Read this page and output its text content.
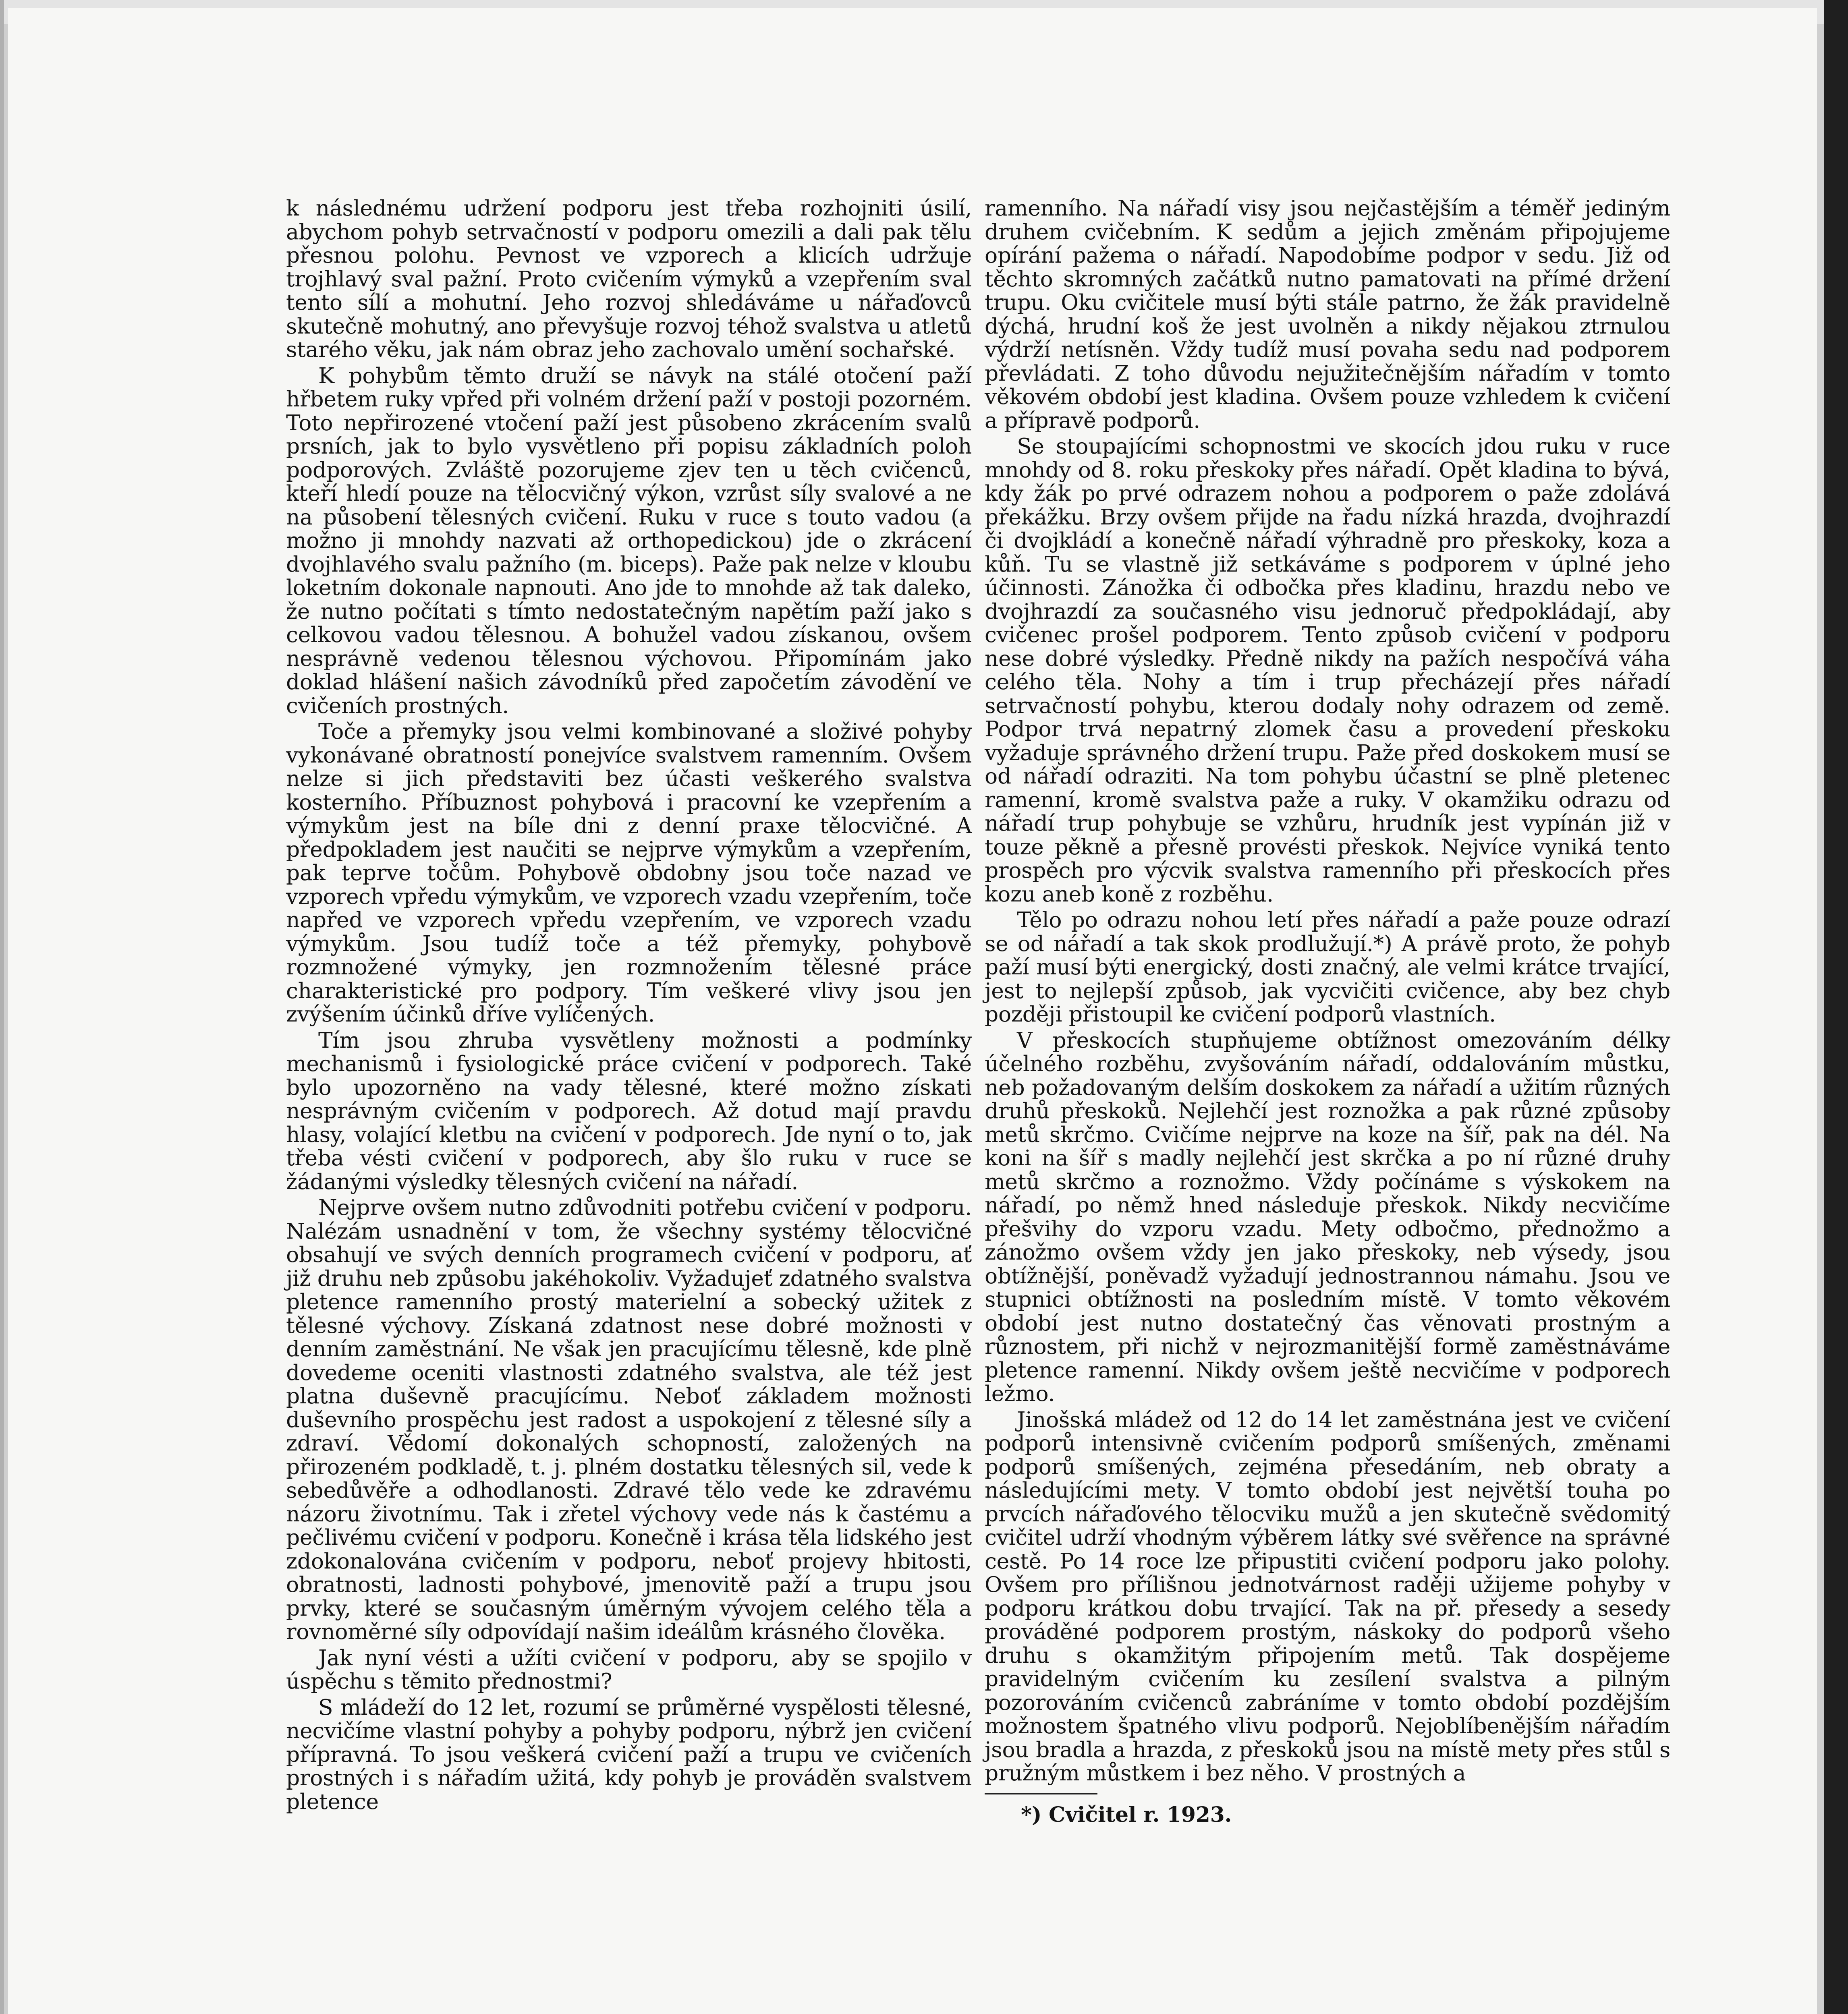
k následnému udržení podporu jest třeba rozhojniti úsilí, abychom pohyb setrvačností v podporu omezili a dali pak tělu přesnou polohu. Pevnost ve vzporech a klicích udržuje trojhlavý sval pažní. Proto cvičením výmyků a vzepřením sval tento sílí a mohutní. Jeho rozvoj shledáváme u nářaďovců skutečně mohutný, ano převyšuje rozvoj téhož svalstva u atletů starého věku, jak nám obraz jeho zachovalo umění sochařské.

K pohybům těmto druží se návyk na stálé otočení paží hřbetem ruky vpřed při volném držení paží v postoji pozorném. Toto nepřirozené vtočení paží jest působeno zkrácením svalů prsních, jak to bylo vysvětleno při popisu základních poloh podporových. Zvláště pozorujeme zjev ten u těch cvičenců, kteří hledí pouze na tělocvičný výkon, vzrůst síly svalové a ne na působení tělesných cvičení. Ruku v ruce s touto vadou (a možno ji mnohdy nazvati až orthopedickou) jde o zkrácení dvojhlavého svalu pažního (m. biceps). Paže pak nelze v kloubu loketním dokonale napnouti. Ano jde to mnohde až tak daleko, že nutno počítati s tímto nedostatečným napětím paží jako s celkovou vadou tělesnou. A bohužel vadou získanou, ovšem nesprávně vedenou tělesnou výchovou. Připomínám jako doklad hlášení našich závodníků před započetím závodění ve cvičeních prostných.

Toče a přemyky jsou velmi kombinované a složivé pohyby vykonávané obratností ponejvíce svalstvem ramenním. Ovšem nelze si jich představiti bez účasti veškerého svalstva kosterního. Příbuznost pohybová i pracovní ke vzepřením a výmykům jest na bíle dni z denní praxe tělocvičné. A předpokladem jest naučiti se nejprve výmykům a vzepřením, pak teprve točům. Pohybově obdobny jsou toče nazad ve vzporech vpředu výmykům, ve vzporech vzadu vzepřením, toče napřed ve vzporech vpředu vzepřením, ve vzporech vzadu výmykům. Jsou tudíž toče a též přemyky, pohybově rozmnožené výmyky, jen rozmnožením tělesné práce charakteristické pro podpory. Tím veškeré vlivy jsou jen zvýšením účinků dříve vylíčených.

Tím jsou zhruba vysvětleny možnosti a podmínky mechanismů i fysiologické práce cvičení v podporech. Také bylo upozorněno na vady tělesné, které možno získati nesprávným cvičením v podporech. Až dotud mají pravdu hlasy, volající kletbu na cvičení v podporech. Jde nyní o to, jak třeba vésti cvičení v podporech, aby šlo ruku v ruce se žádanými výsledky tělesných cvičení na nářadí.

Nejprve ovšem nutno zdůvodniti potřebu cvičení v podporu. Nalézám usnadnění v tom, že všechny systémy tělocvičné obsahují ve svých denních programech cvičení v podporu, ať již druhu neb způsobu jakéhokoliv. Vyžadujeť zdatného svalstva pletence ramenního prostý materielní a sobecký užitek z tělesné výchovy. Získaná zdatnost nese dobré možnosti v denním zaměstnání. Ne však jen pracujícímu tělesně, kde plně dovedeme oceniti vlastnosti zdatného svalstva, ale též jest platna duševně pracujícímu. Neboť základem možnosti duševního prospěchu jest radost a uspokojení z tělesné síly a zdraví. Vědomí dokonalých schopností, založených na přirozeném podkladě, t. j. plném dostatku tělesných sil, vede k sebedůvěře a odhodlanosti. Zdravé tělo vede ke zdravému názoru životnímu. Tak i zřetel výchovy vede nás k častému a pečlivému cvičení v podporu. Konečně i krása těla lidského jest zdokonalována cvičením v podporu, neboť projevy hbitosti, obratnosti, ladnosti pohybové, jmenovitě paží a trupu jsou prvky, které se současným úměrným vývojem celého těla a rovnoměrné síly odpovídají našim ideálům krásného člověka.

Jak nyní vésti a užíti cvičení v podporu, aby se spojilo v úspěchu s těmito přednostmi?

S mládeží do 12 let, rozumí se průměrné vyspělosti tělesné, necvičíme vlastní pohyby a pohyby podporu, nýbrž jen cvičení přípravná. To jsou veškerá cvičení paží a trupu ve cvičeních prostných i s nářadím užitá, kdy pohyb je prováděn svalstvem pletence

ramenního. Na nářadí visy jsou nejčastějším a téměř jediným druhem cvičebním. K sedům a jejich změnám připojujeme opírání pažema o nářadí. Napodobíme podpor v sedu. Již od těchto skromných začátků nutno pamatovati na přímé držení trupu. Oku cvičitele musí býti stále patrno, že žák pravidelně dýchá, hrudní koš že jest uvolněn a nikdy nějakou ztrnulou výdrží netísněn. Vždy tudíž musí povaha sedu nad podporem převládati. Z toho důvodu nejužitečnějším nářadím v tomto věkovém období jest kladina. Ovšem pouze vzhledem k cvičení a přípravě podporů.

Se stoupajícími schopnostmi ve skocích jdou ruku v ruce mnohdy od 8. roku přeskoky přes nářadí. Opět kladina to bývá, kdy žák po prvé odrazem nohou a podporem o paže zdolává překážku. Brzy ovšem přijde na řadu nízká hrazda, dvojhrazdí či dvojkládí a konečně nářadí výhradně pro přeskoky, koza a kůň. Tu se vlastně již setkáváme s podporem v úplné jeho účinnosti. Zánožka či odbočka přes kladinu, hrazdu nebo ve dvojhrazdí za současného visu jednoruč předpokládají, aby cvičenec prošel podporem. Tento způsob cvičení v podporu nese dobré výsledky. Předně nikdy na pažích nespočívá váha celého těla. Nohy a tím i trup přecházejí přes nářadí setrvačností pohybu, kterou dodaly nohy odrazem od země. Podpor trvá nepatrný zlomek času a provedení přeskoku vyžaduje správného držení trupu. Paže před doskokem musí se od nářadí odraziti. Na tom pohybu účastní se plně pletenec ramenní, kromě svalstva paže a ruky. V okamžiku odrazu od nářadí trup pohybuje se vzhůru, hrudník jest vypínán již v touze pěkně a přesně provésti přeskok. Nejvíce vyniká tento prospěch pro výcvik svalstva ramenního při přeskocích přes kozu aneb koně z rozběhu.

Tělo po odrazu nohou letí přes nářadí a paže pouze odrazí se od nářadí a tak skok prodlužují.*) A právě proto, že pohyb paží musí býti energický, dosti značný, ale velmi krátce trvající, jest to nejlepší způsob, jak vycvičiti cvičence, aby bez chyb později přistoupil ke cvičení podporů vlastních.

V přeskocích stupňujeme obtížnost omezováním délky účelného rozběhu, zvyšováním nářadí, oddalováním můstku, neb požadovaným delším doskokem za nářadí a užitím různých druhů přeskoků. Nejlehčí jest roznožka a pak různé způsoby metů skrčmo. Cvičíme nejprve na koze na šíř, pak na dél. Na koni na šíř s madly nejlehčí jest skrčka a po ní různé druhy metů skrčmo a roznožmo. Vždy počínáme s výskokem na nářadí, po němž hned následuje přeskok. Nikdy necvičíme přešvihy do vzporu vzadu. Mety odbočmo, přednožmo a zánožmo ovšem vždy jen jako přeskoky, neb výsedy, jsou obtížnější, poněvadž vyžadují jednostrannou námahu. Jsou ve stupnici obtížnosti na posledním místě. V tomto věkovém období jest nutno dostatečný čas věnovati prostným a různostem, při nichž v nejrozmanitější formě zaměstnáváme pletence ramenní. Nikdy ovšem ještě necvičíme v podporech ležmo.

Jinošská mládež od 12 do 14 let zaměstnána jest ve cvičení podporů intensivně cvičením podporů smíšených, změnami podporů smíšených, zejména přesedáním, neb obraty a následujícími mety. V tomto období jest největší touha po prvcích nářaďového tělocviku mužů a jen skutečně svědomitý cvičitel udrží vhodným výběrem látky své svěřence na správné cestě. Po 14 roce lze připustiti cvičení podporu jako polohy. Ovšem pro přílišnou jednotvárnost raději užijeme pohyby v podporu krátkou dobu trvající. Tak na př. přesedy a sesedy prováděné podporem prostým, náskoky do podporů všeho druhu s okamžitým připojením metů. Tak dospějeme pravidelným cvičením ku zesílení svalstva a pilným pozorováním cvičenců zabráníme v tomto období pozdějším možnostem špatného vlivu podporů. Nejoblíbenějším nářadím jsou bradla a hrazda, z přeskoků jsou na místě mety přes stůl s pružným můstkem i bez něho. V prostných a

*) Cvičitel r. 1923.
